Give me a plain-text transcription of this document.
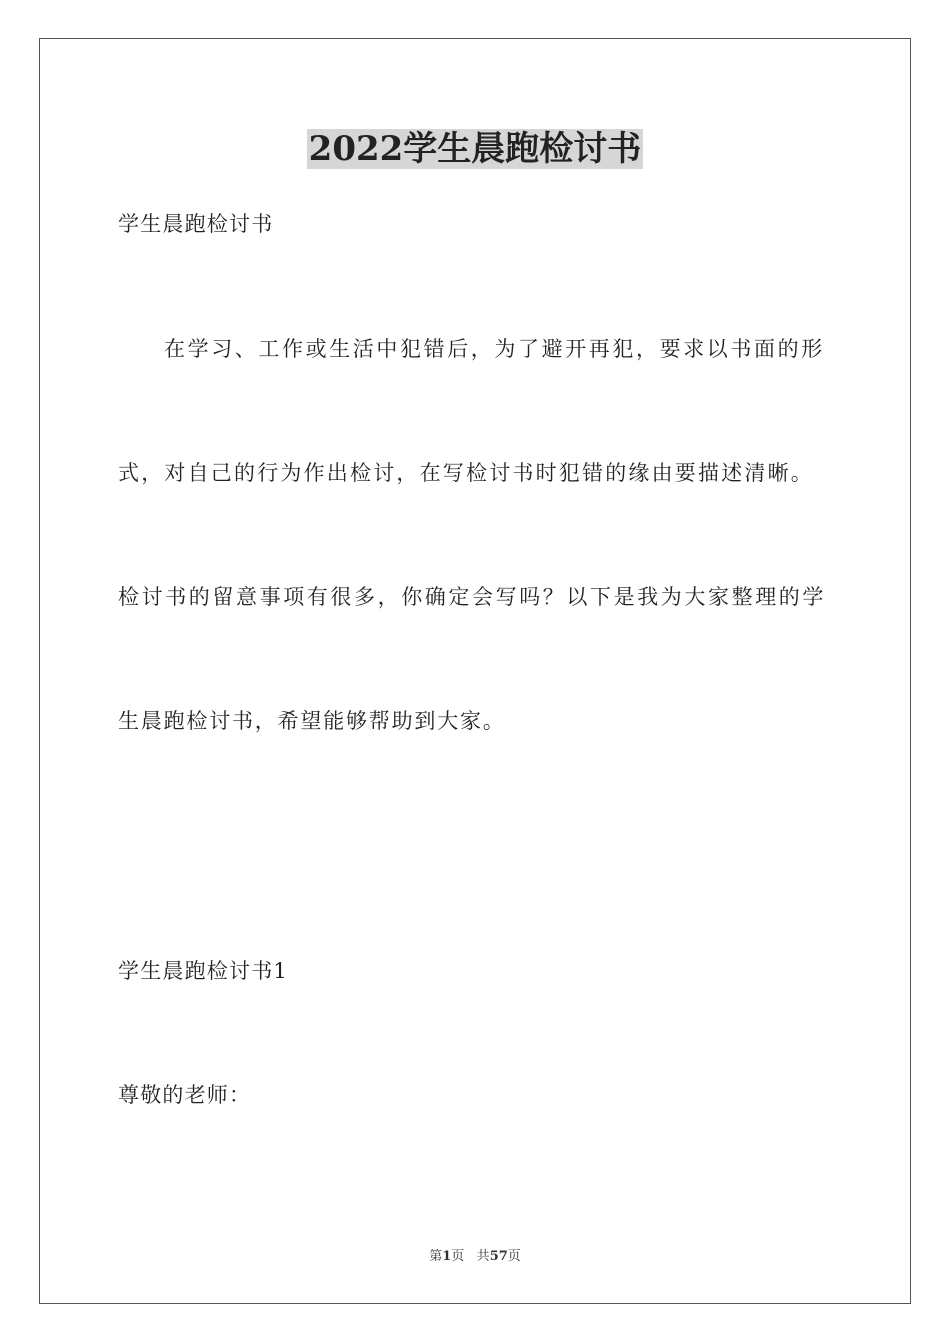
2022学生晨跑检讨书
学生晨跑检讨书
在学习、工作或生活中犯错后，为了避开再犯，要求以书面的形
式，对自己的行为作出检讨，在写检讨书时犯错的缘由要描述清晰。
检讨书的留意事项有很多，你确定会写吗？以下是我为大家整理的学
生晨跑检讨书，希望能够帮助到大家。
学生晨跑检讨书1
尊敬的老师：
第1页 共57页
